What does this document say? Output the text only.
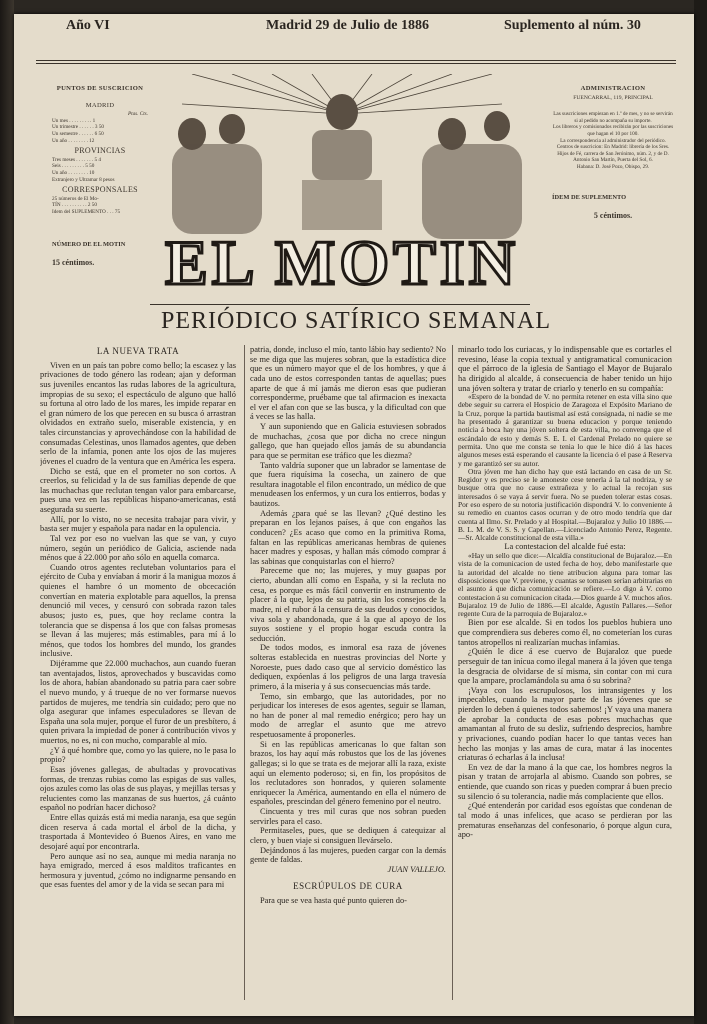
Año VI	Madrid 29 de Julio de 1886	Suplemento al núm. 30
PUNTOS DE SUSCRICION
MADRID
Ptas. Cts.
Un mes . . . . . . . . . 1
Un trimestre . . . . . . 3 50
Un semestre . . . . . . 6 50
Un año . . . . . . . . 12
PROVINCIAS
Tres meses . . . . . . . 5 4
Seis . . . . . . . . . 5 50
Un año . . . . . . . . 10
Extranjero y Ultramar 8 pesos
CORRESPONSALES
25 números de El Mo-
TÍN . . . . . . . . . . 2 50
Idem del SUPLEMENTO . . . 75
NÚMERO DE EL MOTIN
15 céntimos.	EL MOTIN
ADMINISTRACION
FUENCARRAL, 119, PRINCIPAL
Las suscriciones empiezan en 1.º de mes, y no se servirán si al pedido no acompaña su importe.
Los libreros y comisionados recibirán por las suscriciones que hagan el 10 por 100.
La correspondencia al administrador del periódico.
Centros de suscricion: En Madrid: librería de los Sres. Hijos de Fé, carrera de San Jerónimo, núm. 2, y de D. Antonio San Martín, Puerta del Sol, 6.
Habana: D. José Pozo, Obispo, 29.
ÍDEM DE SUPLEMENTO
5 céntimos.
PERIÓDICO SATÍRICO SEMANAL

LA NUEVA TRATA

Viven en un país tan pobre como bello; la escasez y las privaciones de todo género las rodean; ajan y deforman sus juveniles encantos las rudas labores de la agricultura, impropias de su sexo; el espectáculo de alguno que halló su fortuna al otro lado de los mares, les impide reparar en el gran número de los que perecen en su busca ó arrastran olvidados en extraño suelo, miserable existencia, y en tales circunstancias y aprovechándose con la habilidad de consumadas Celestinas, unos llamados agentes, que deben serlo de la infamia, ponen ante los ojos de las mujeres jóvenes el cuadro de la ventura que en América les espera.

Dicho se está, que en el prometer no son cortos. A creerlos, su felicidad y la de sus familias depende de que las muchachas que reclutan tengan valor para embarcarse, pues una vez en las repúblicas hispano-americanas, está asegurada su suerte.

Allí, por lo visto, no se necesita trabajar para vivir, y basta ser mujer y española para nadar en la opulencia.

Tal vez por eso no vuelvan las que se van, y cuyo número, según un periódico de Galicia, asciende nada ménos que á 22.000 por año sólo en aquella comarca.

Cuando otros agentes recluteban voluntarios para el ejército de Cuba y envíaban á morir á la manigua mozos á quienes el hambre ó un momento de obcecación convertían en materia explotable para aquellos, la prensa denunció mil veces, y censuró con sobrada razon tales abusos; justo es, pues, que hoy reclame contra la tolerancia que se dispensa á los que con falsas promesas se llevan á las mujeres; más estimables, para mí á lo ménos, que todos los hombres del mundo, los grandes inclusive.

Dijéramme que 22.000 muchachos, aun cuando fueran tan aventajados, listos, aprovechados y buscavidas como los de ahora, habían abandonado su patria para caer sobre el nuevo mundo, y á trueque de no ver formarse nuevos partidos de mujeres, me tendría sin cuidado; pero que no olga asegurar que infames especuladores se llevan de España una sola mujer, porque el furor de un presbítero, á quien privara la impiedad de poner á contribución vivos y muertos, no es, ni con mucho, comparable al mío.

¿Y á qué hombre que, como yo las quiere, no le pasa lo propio?

Esas jóvenes gallegas, de abultadas y provocativas formas, de trenzas rubias como las espigas de sus valles, ojos azules como las olas de sus playas, y mejillas tersas y relucientes como las manzanas de sus huertos, ¿á cuánto español no podrían hacer dichoso?

Entre ellas quizás está mi media naranja, esa que según dicen reserva á cada mortal el árbol de la dicha, y trasportada á Montevideo ó Buenos Aires, en vano me desojaré aquí por encontrarla.

Pero aunque así no sea, aunque mi media naranja no haya emigrado, merced á esos malditos traficantes en hermosura y juventud, ¿cómo no indignarme pensando en que esas fuentes del amor y de la vida se secan para mi

patria, donde, incluso el mío, tanto lábio hay sediento? No se me diga que las mujeres sobran, que la estadística dice que es un número mayor que el de los hombres, y que á cada uno de estos corresponden tantas de aquellas; pues aparte de que á mí jamás me dieron esas que pudieran corresponderme, pruébame que tal afirmacion es inexacta el ver el afan con que se las busca, y la dificultad con que á veces se las halla.

Y aun suponiendo que en Galicia estuviesen sobrados de muchachas, ¿cosa que por dicha no crece ningun gallego, que han quejado ellos jamás de su abundancia para que se permitan ese tráfico que les diezma?

Tanto valdría suponer que un labrador se lamentase de que fuera riquísima la cosecha, un zainero de que resultara inagotable el filon encontrado, un médico de que menudeasen los enfermos, y un cura los entierros, bodas y bautizos.

Además ¿para qué se las llevan? ¿Qué destino les preparan en los lejanos países, á que con engaños las conducen? ¿Es acaso que como en la primitiva Roma, faltan en las repúblicas americanas hembras de quienes hacer madres y esposas, y hallan más cómodo comprar á las sabinas que conquistarlas con el hierro?

Pareceme que no; las mujeres, y muy guapas por cierto, abundan allí como en España, y si la recluta no cesa, es porque es más fácil convertir en instrumento de placer á la que, lejos de su patria, sin los consejos de la madre, ni el rubor á la censura de sus deudos y conocidos, viva sola y abandonada, que á la que al apoyo de los suyos sostiene y el propio hogar escuda contra la seducción.

De todos modos, es inmoral esa raza de jóvenes solteras establecida en nuestras provincias del Norte y Noroeste, pues dado caso que al servicio doméstico las dediquen, expóenlas á los peligros de una larga travesía primero, á la miseria y á sus consecuencias más tarde.

Temo, sin embargo, que las autoridades, por no perjudicar los intereses de esos agentes, seguir se llaman, no han de poner al mal remedio enérgico; pero hay un modo de arreglar el asunto que me atrevo respetuosamente á proponerles.

Si en las repúblicas americanas lo que faltan son brazos, los hay aquí más robustos que los de las jóvenes gallegas; si lo que se trata es de mejorar allí la raza, existe aquí un elemento poderoso; si, en fin, los propósitos de los reclutadores son honrados, y quieren solamente enriquecer la América, aumentando en ella el número de españoles, prescindan del género femenino por el neutro.

Cincuenta y tres mil curas que nos sobran pueden servirles para el caso.

Permitaseles, pues, que se dediquen á catequizar al clero, y buen viaje si consiguen llevárselo.

Dejándonos á las mujeres, pueden cargar con la demás gente de faldas.

JUAN VALLEJO.

ESCRÚPULOS DE CURA

Para que se vea hasta qué punto quieren do-

minarlo todo los curiacas, y lo indispensable que es cortarles el revesino, léase la copia textual y antigramatical comunicacion que el párroco de la iglesia de Santiago el Mayor de Bujaralo ha dirigido al alcalde, á consecuencia de haber tenido un hijo una jóven soltera y tratar de criarlo y tenerlo en su compañía:

«Espero de la bondad de V. no permita retener en esta villa sino que debe seguir su carrera el Hospicio de Zaragoza el Expósito Mariano de la Cruz, porque la partida bautismal así está consignada, ni nadie se me ha presentado á garantizar su buena educacion y porque teniendo noticia á boca hay una jóven soltera de esta villa, no convenga que el escándalo de esto y demás S. E. I. el Cardenal Prelado no quiere se permita. Uno que me consta se tenia lo que le hice dió á las haces algunos meses está esperando el causante la licencia ó el pase á Reserva y me garantizó ser su autor.

Otra jóven me han dicho hay que está lactando en casa de un Sr. Regidor y es preciso se le amoneste cese tenerla á la tal nodriza, y se busque otra que no cause extrañeza y lo actual la recojan sus interesados ó se vaya á servir fuera. No se pueden tolerar estas cosas. Por eso espero de su notoria justificación dispondrá V. lo conveniente á su remedio en cuantos casos ocurran y de otro modo tendría que dar cuenta al Ilmo. Sr. Prelado y al Hospital.—Bujaraloz y Julio 10 1886.—B. L. M. de V. S. S. y Capellan.—Licenciado Antonio Perez, Regente.—Sr. Alcalde constitucional de esta villa.»

La contestacion del alcalde fué esta:

«Hay un sello que dice:—Alcaldía constitucional de Bujaraloz.—En vista de la comunicacion de usted fecha de hoy, debo manifestarle que la autoridad del alcalde no tiene atribucion alguna para tomar las disposiciones que V. previene, y cuantas se tomasen serían arbitrarias en el asunto á que dicha comunicación se refiere.—Lo digo á V. como contestacion á su comunicacion citada.—Dios guarde á V. muchos años. Bujaraloz 19 de Julio de 1886.—El alcalde, Agustín Pallares.—Señor regente Cura de la parroquia de Bujaraloz.»

Bien por ese alcalde. Si en todos los pueblos hubiera uno que comprendiera sus deberes como él, no cometerían los curas tantos atropellos ni realizarían muchas infamias.

¿Quién le dice á ese cuervo de Bujaraloz que puede perseguir de tan inícua como ilegal manera á la jóven que tenga la desgracia de olvidarse de sí misma, sin contar con mi cura que la ampare, proclamándola su ama ó su sobrina?

¡Vaya con los escrupulosos, los intransigentes y los impecables, cuando la mayor parte de las jóvenes que se pierden lo deben á quienes todos sabemos! ¡Y vaya una manera de aprobar la conducta de esas pobres muchachas que amamantan al fruto de su desliz, sufriendo desprecios, hambre y privaciones, cuando podían hacer lo que tantas veces han hecho las monjas y las amas de cura, matar á las inocentes criaturas ó echarlas á la inclusa!

En vez de dar la mano á la que cae, los hombres negros la pisan y tratan de arrojarla al abismo. Cuando son pobres, se entiende, que cuando son ricas y pueden comprar á buen precio su silencio ó su tolerancia, nadie más complaciente que ellos.

¿Qué entenderán por caridad esos egoístas que condenan de tal modo á unas infelices, que acaso se perdieran por las prematuras enseñanzas del confesonario, ó porque algun cura, apo-
